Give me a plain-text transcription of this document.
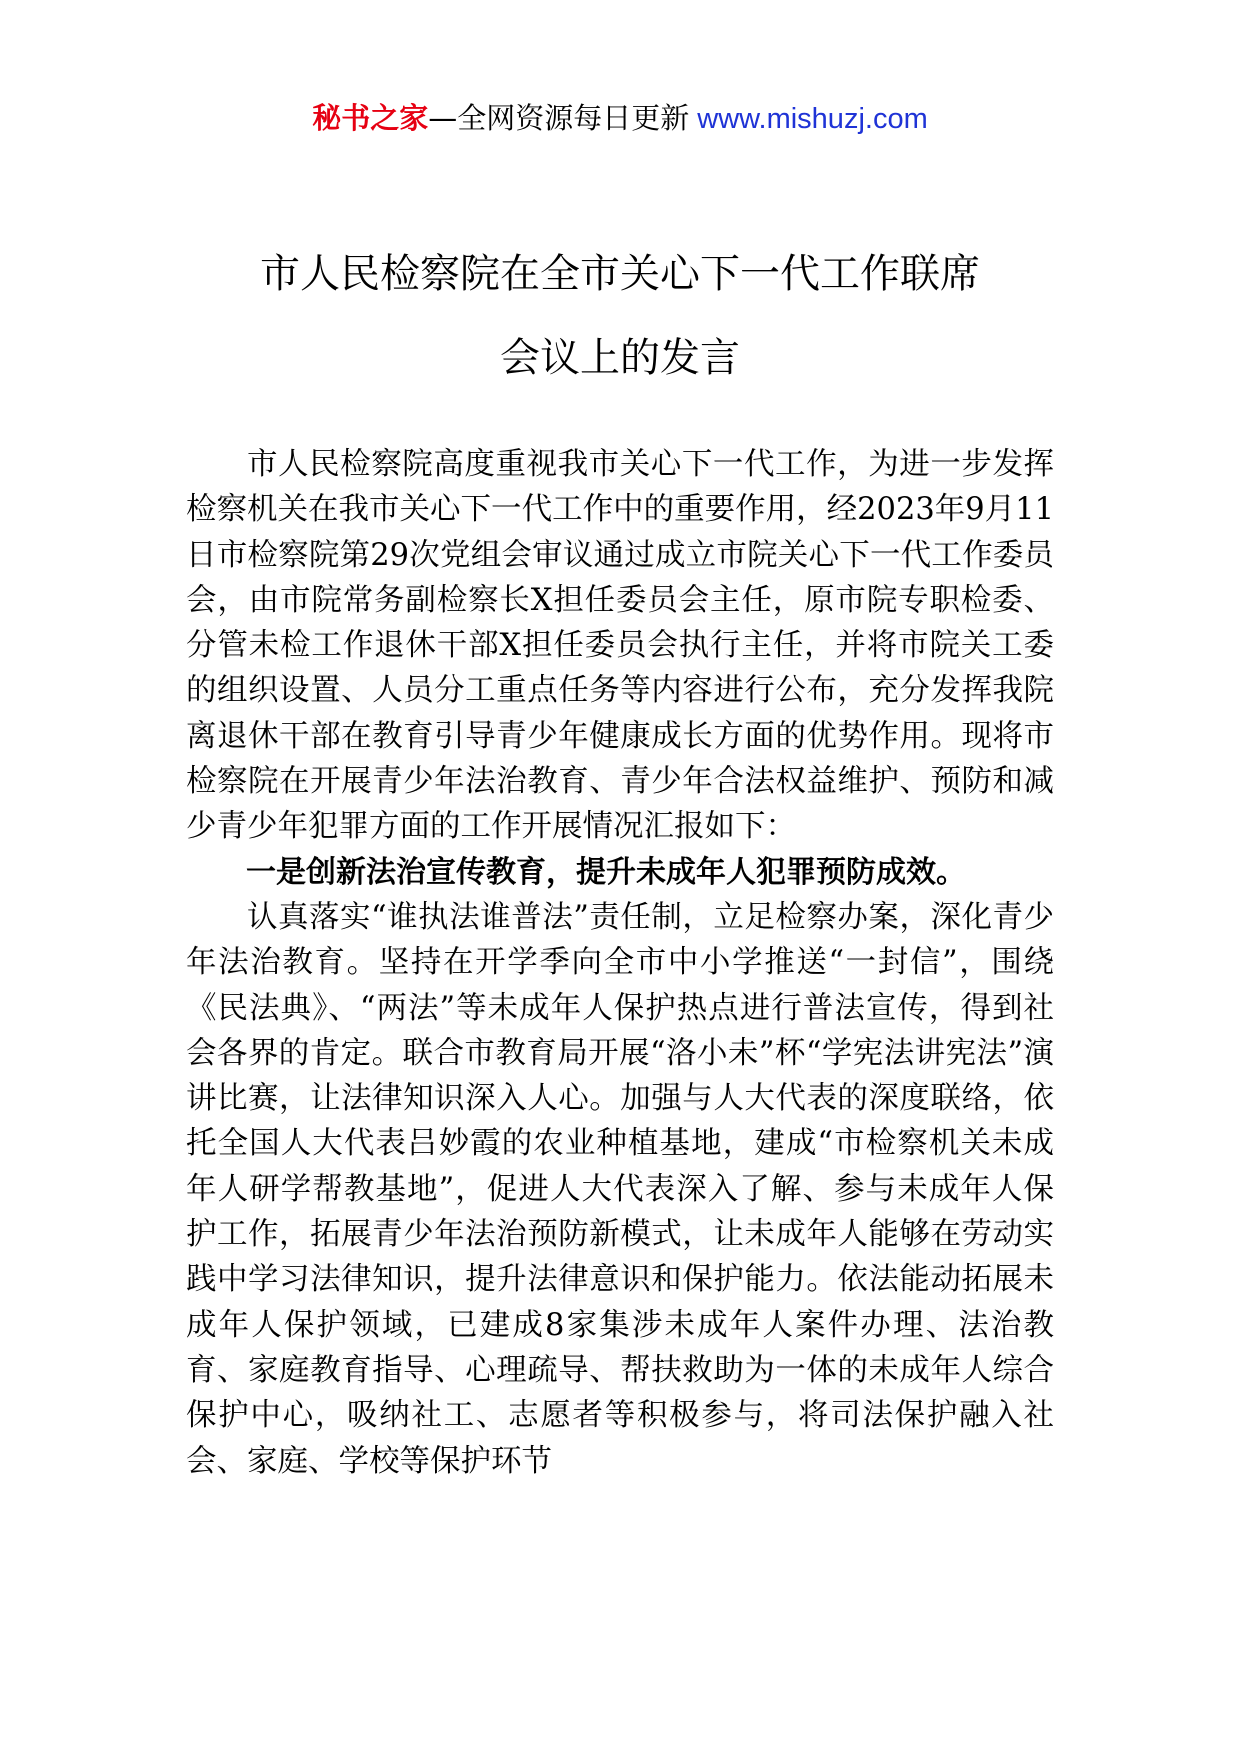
秘书之家—全网资源每日更新 www.mishuzj.com
市人民检察院在全市关心下一代工作联席
会议上的发言

市人民检察院高度重视我市关心下一代工作，为进一步发挥检察机关在我市关心下一代工作中的重要作用，经2023年9月11日市检察院第29次党组会审议通过成立市院关心下一代工作委员会，由市院常务副检察长X担任委员会主任，原市院专职检委、分管未检工作退休干部X担任委员会执行主任，并将市院关工委的组织设置、人员分工重点任务等内容进行公布，充分发挥我院离退休干部在教育引导青少年健康成长方面的优势作用。现将市检察院在开展青少年法治教育、青少年合法权益维护、预防和减少青少年犯罪方面的工作开展情况汇报如下：

一是创新法治宣传教育，提升未成年人犯罪预防成效。

认真落实“谁执法谁普法”责任制，立足检察办案，深化青少年法治教育。坚持在开学季向全市中小学推送“一封信”，围绕《民法典》、“两法”等未成年人保护热点进行普法宣传，得到社会各界的肯定。联合市教育局开展“洛小未”杯“学宪法讲宪法”演讲比赛，让法律知识深入人心。加强与人大代表的深度联络，依托全国人大代表吕妙霞的农业种植基地，建成“市检察机关未成年人研学帮教基地”，促进人大代表深入了解、参与未成年人保护工作，拓展青少年法治预防新模式，让未成年人能够在劳动实践中学习法律知识，提升法律意识和保护能力。依法能动拓展未成年人保护领域，已建成8家集涉未成年人案件办理、法治教育、家庭教育指导、心理疏导、帮扶救助为一体的未成年人综合保护中心，吸纳社工、志愿者等积极参与，将司法保护融入社会、家庭、学校等保护环节
